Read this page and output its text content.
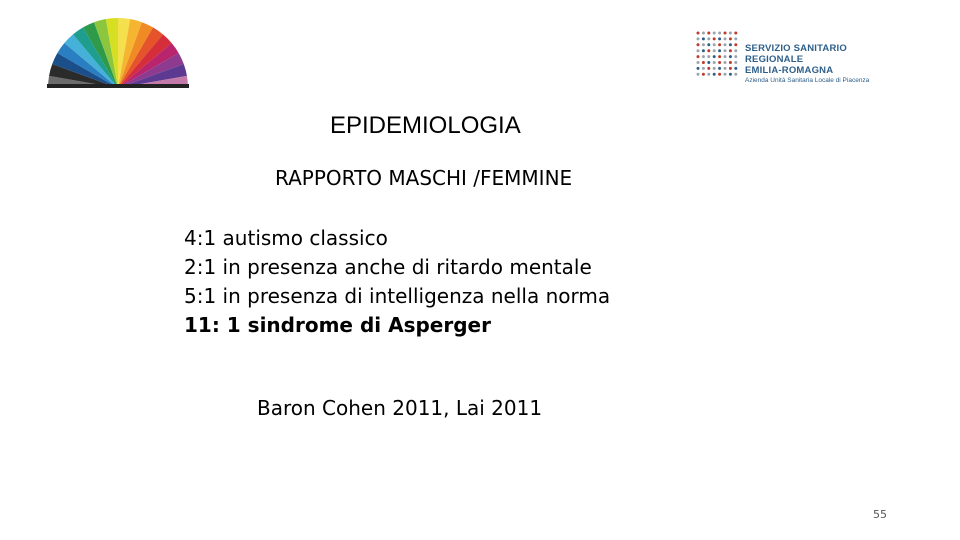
SERVIZIO SANITARIO REGIONALE
EMILIA-ROMAGNA
Azienda Unità Sanitaria Locale di Piacenza
EPIDEMIOLOGIA
RAPPORTO MASCHI /FEMMINE
4:1 autismo classico
2:1 in presenza anche di ritardo mentale
5:1 in presenza di intelligenza nella norma
11: 1 sindrome di Asperger
Baron Cohen 2011, Lai 2011
55
